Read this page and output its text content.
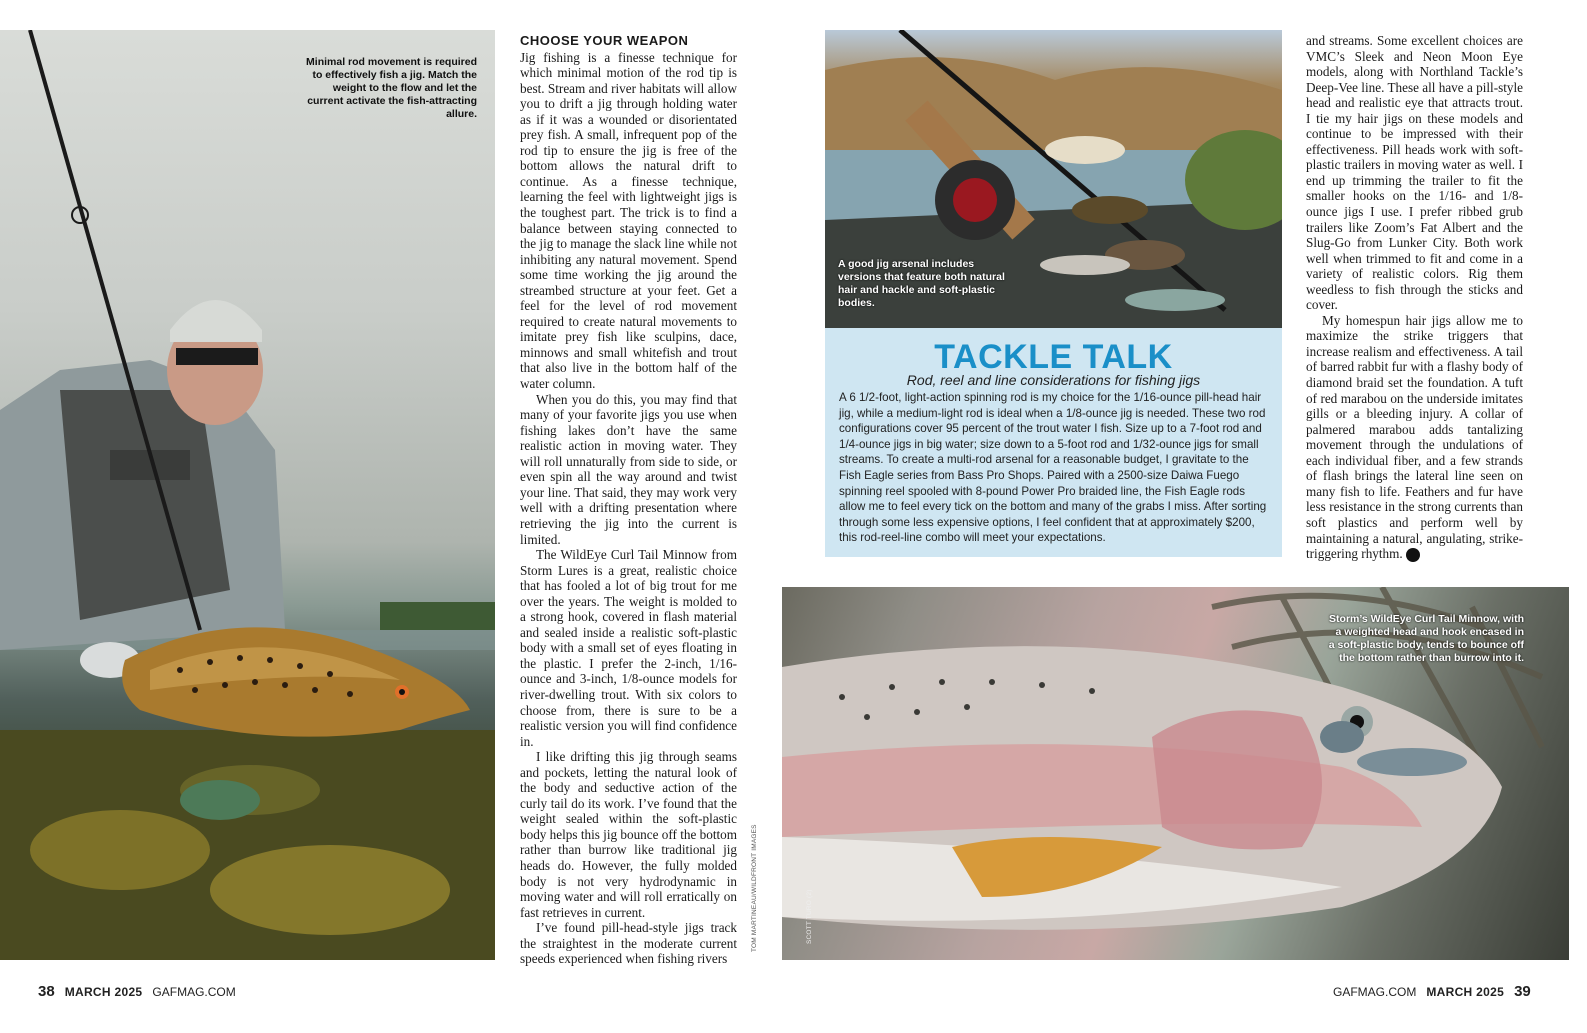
Minimal rod movement is required to effectively fish a jig. Match the weight to the flow and let the current activate the fish-attracting allure.
CHOOSE YOUR WEAPON

Jig fishing is a finesse technique for which minimal motion of the rod tip is best. Stream and river habitats will allow you to drift a jig through holding water as if it was a wounded or disorientated prey fish. A small, infrequent pop of the rod tip to ensure the jig is free of the bottom allows the natural drift to continue. As a finesse technique, learning the feel with lightweight jigs is the toughest part. The trick is to find a balance between staying connected to the jig to manage the slack line while not inhibiting any natural movement. Spend some time working the jig around the streambed structure at your feet. Get a feel for the level of rod movement required to create natural movements to imitate prey fish like sculpins, dace, minnows and small whitefish and trout that also live in the bottom half of the water column.

When you do this, you may find that many of your favorite jigs you use when fishing lakes don’t have the same realistic action in moving water. They will roll unnaturally from side to side, or even spin all the way around and twist your line. That said, they may work very well with a drifting presentation where retrieving the jig into the current is limited.

The WildEye Curl Tail Minnow from Storm Lures is a great, realistic choice that has fooled a lot of big trout for me over the years. The weight is molded to a strong hook, covered in flash material and sealed inside a realistic soft-plastic body with a small set of eyes floating in the plastic. I prefer the 2-inch, 1/16-ounce and 3-inch, 1/8-ounce models for river-dwelling trout. With six colors to choose from, there is sure to be a realistic version you will find confidence in.

I like drifting this jig through seams and pockets, letting the natural look of the body and seductive action of the curly tail do its work. I’ve found that the weight sealed within the soft-plastic body helps this jig bounce off the bottom rather than burrow like traditional jig heads do. However, the fully molded body is not very hydrodynamic in moving water and will roll erratically on fast retrieves in current.

I’ve found pill-head-style jigs track the straightest in the moderate current speeds experienced when fishing rivers

TOM MARTINEAU/WILDFRONT IMAGES
A good jig arsenal includes versions that feature both natural hair and hackle and soft-plastic bodies.
TACKLE TALK
Rod, reel and line considerations for fishing jigs
A 6 1/2-foot, light-action spinning rod is my choice for the 1/16-ounce pill-head hair jig, while a medium-light rod is ideal when a 1/8-ounce jig is needed. These two rod configurations cover 95 percent of the trout water I fish. Size up to a 7-foot rod and 1/4-ounce jigs in big water; size down to a 5-foot rod and 1/32-ounce jigs for small streams. To create a multi-rod arsenal for a reasonable budget, I gravitate to the Fish Eagle series from Bass Pro Shops. Paired with a 2500-size Daiwa Fuego spinning reel spooled with 8-pound Power Pro braided line, the Fish Eagle rods allow me to feel every tick on the bottom and many of the grabs I miss. After sorting through some less expensive options, I feel confident that at approximately $200, this rod-reel-line combo will meet your expectations.

and streams. Some excellent choices are VMC’s Sleek and Neon Moon Eye models, along with Northland Tackle’s Deep-Vee line. These all have a pill-style head and realistic eye that attracts trout. I tie my hair jigs on these models and continue to be impressed with their effectiveness. Pill heads work with soft-plastic trailers in moving water as well. I end up trimming the trailer to fit the smaller hooks on the 1/16- and 1/8-ounce jigs I use. I prefer ribbed grub trailers like Zoom’s Fat Albert and the Slug-Go from Lunker City. Both work well when trimmed to fit and come in a variety of realistic colors. Rig them weedless to fish through the sticks and cover.

My homespun hair jigs allow me to maximize the strike triggers that increase realism and effectiveness. A tail of barred rabbit fur with a flashy body of diamond braid set the foundation. A tuft of red marabou on the underside imitates gills or a bleeding injury. A collar of palmered marabou adds tantalizing movement through the undulations of each individual fiber, and a few strands of flash brings the lateral line seen on many fish to life. Feathers and fur have less resistance in the strong currents than soft plastics and perform well by maintaining a natural, angulating, strike-triggering rhythm.	GF

Storm’s WildEye Curl Tail Minnow, with a weighted head and hook encased in a soft-plastic body, tends to bounce off the bottom rather than burrow into it.
SCOTT TURO (2)
38 MARCH 2025 GAFMAG.COM	GAFMAG.COM MARCH 2025 39
